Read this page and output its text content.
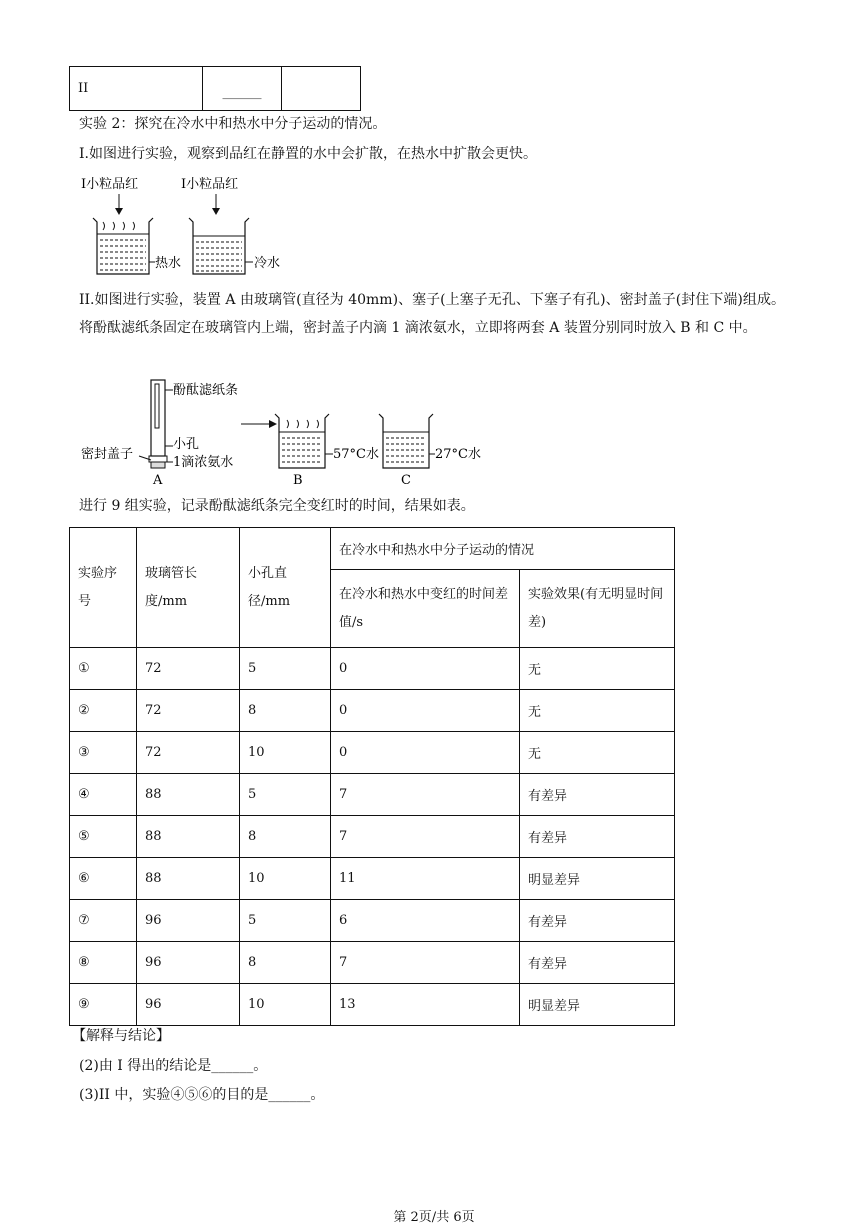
II	______	
实验 2：探究在冷水中和热水中分子运动的情况。
I.如图进行实验，观察到品红在静置的水中会扩散，在热水中扩散会更快。
I小粒品红	I小粒品红
热水	冷水
II.如图进行实验，装置 A 由玻璃管(直径为 40mm)、塞子(上塞子无孔、下塞子有孔)、密封盖子(封住下端)组成。将酚酞滤纸条固定在玻璃管内上端，密封盖子内滴 1 滴浓氨水，立即将两套 A 装置分别同时放入 B 和 C 中。
酚酞滤纸条
小孔
1滴浓氨水
密封盖子
A
57°C水
B
27°C水
C
进行 9 组实验，记录酚酞滤纸条完全变红时的时间，结果如表。
实验序号	玻璃管长度/mm	小孔直径/mm	在冷水中和热水中分子运动的情况	
			在冷水和热水中变红的时间差值/s	实验效果(有无明显时间差)
①	72	5	0	无
②	72	8	0	无
③	72	10	0	无
④	88	5	7	有差异
⑤	88	8	7	有差异
⑥	88	10	11	明显差异
⑦	96	5	6	有差异
⑧	96	8	7	有差异
⑨	96	10	13	明显差异
【解释与结论】
(2)由 I 得出的结论是______。
(3)II 中，实验④⑤⑥的目的是______。
第 2页/共 6页
